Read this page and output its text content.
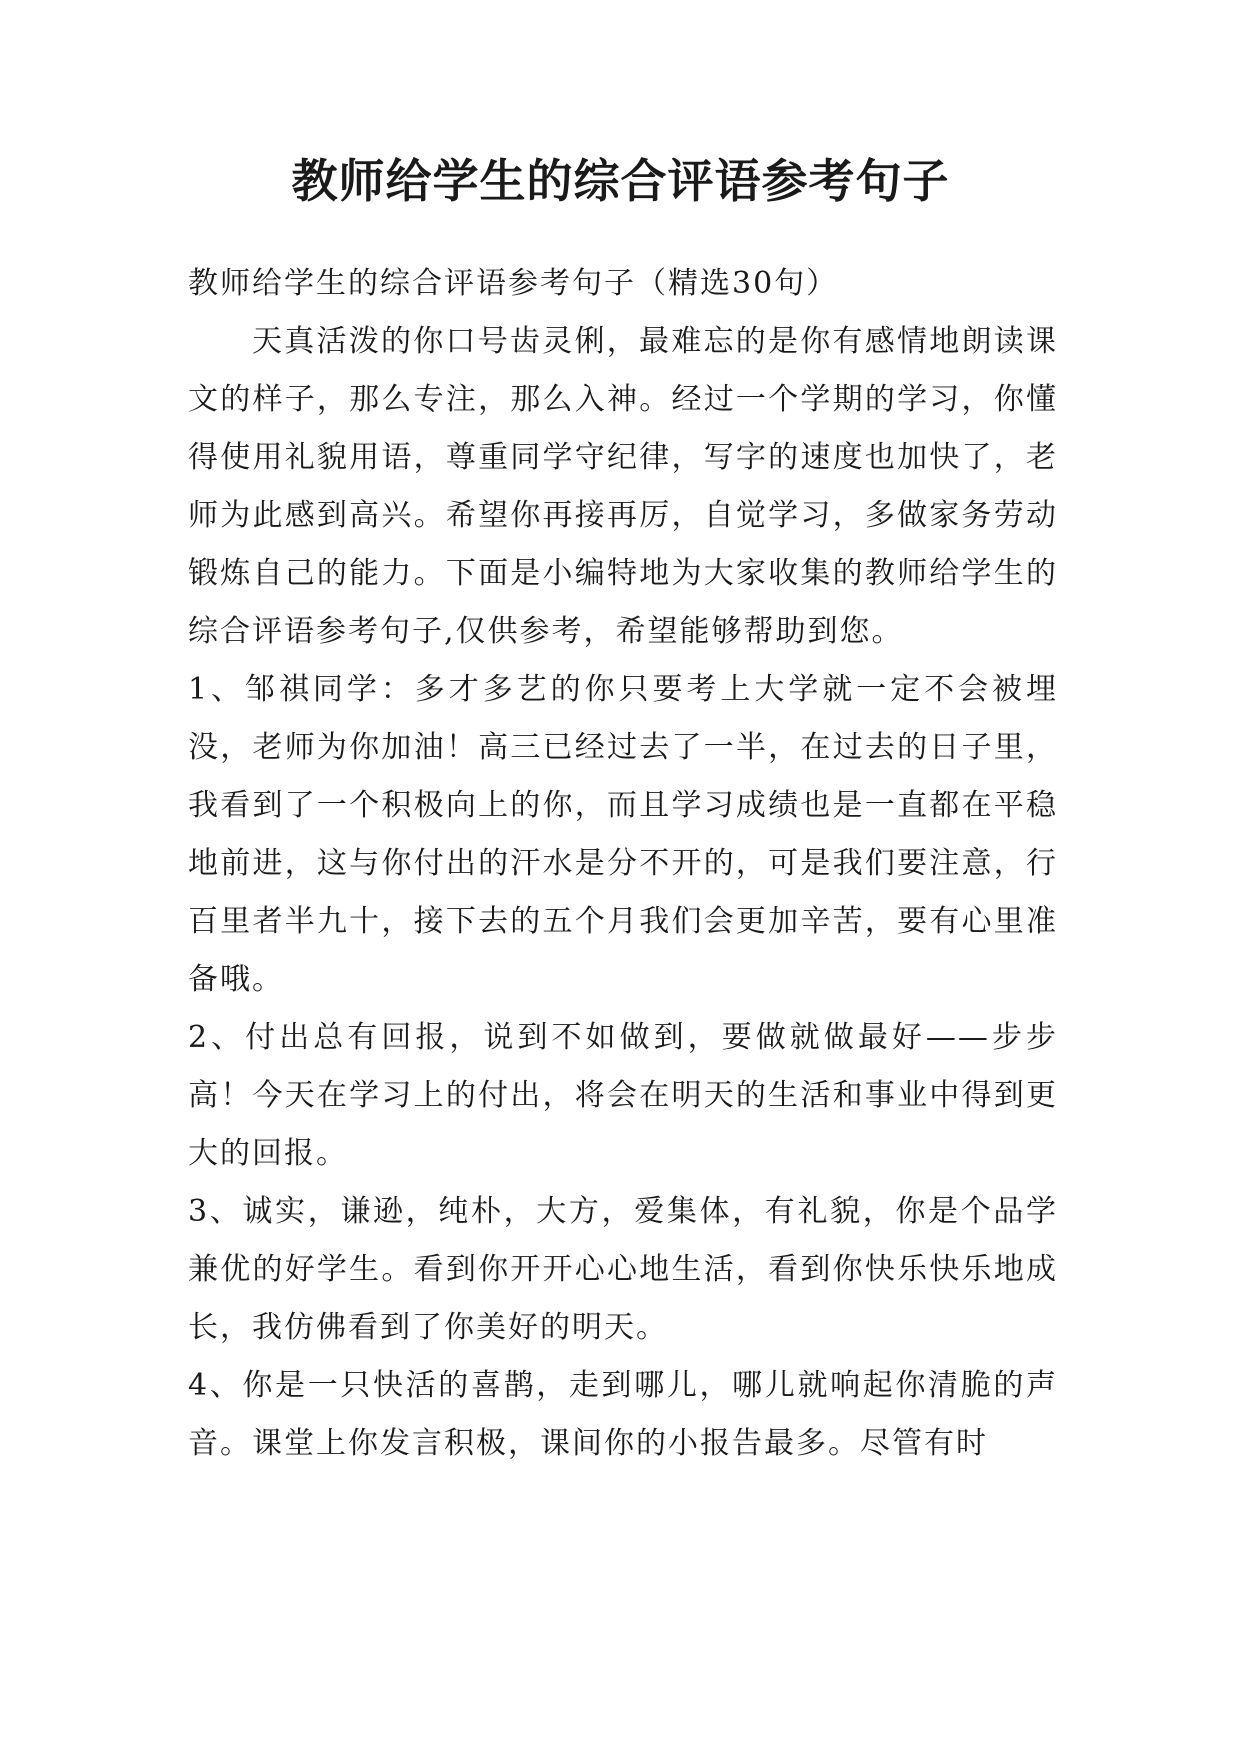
教师给学生的综合评语参考句子

教师给学生的综合评语参考句子（精选30句）

天真活泼的你口号齿灵俐，最难忘的是你有感情地朗读课文的样子，那么专注，那么入神。经过一个学期的学习，你懂得使用礼貌用语，尊重同学守纪律，写字的速度也加快了，老师为此感到高兴。希望你再接再厉，自觉学习，多做家务劳动锻炼自己的能力。下面是小编特地为大家收集的教师给学生的综合评语参考句子,仅供参考，希望能够帮助到您。

1、邹祺同学：多才多艺的你只要考上大学就一定不会被埋没，老师为你加油！高三已经过去了一半，在过去的日子里，我看到了一个积极向上的你，而且学习成绩也是一直都在平稳地前进，这与你付出的汗水是分不开的，可是我们要注意，行百里者半九十，接下去的五个月我们会更加辛苦，要有心里准备哦。

2、付出总有回报，说到不如做到，要做就做最好——步步高！今天在学习上的付出，将会在明天的生活和事业中得到更大的回报。

3、诚实，谦逊，纯朴，大方，爱集体，有礼貌，你是个品学兼优的好学生。看到你开开心心地生活，看到你快乐快乐地成长，我仿佛看到了你美好的明天。

4、你是一只快活的喜鹊，走到哪儿，哪儿就响起你清脆的声音。课堂上你发言积极，课间你的小报告最多。尽管有时
